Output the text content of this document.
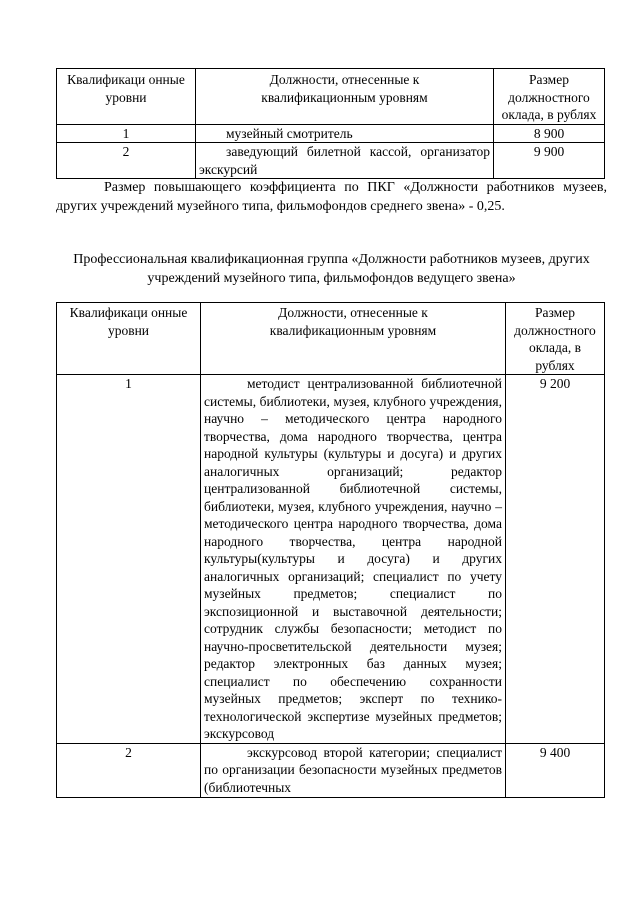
Квалификаци онные уровни	Должности, отнесенные к квалификационным уровням	Размер должностного оклада, в рублях
1	музейный смотритель	8 900
2	заведующий билетной кассой, организатор экскурсий	9 900

Размер повышающего коэффициента по ПКГ «Должности работников музеев, других учреждений музейного типа, фильмофондов среднего звена» - 0,25.

Профессиональная квалификационная группа «Должности работников музеев, других учреждений музейного типа, фильмофондов ведущего звена»

Квалификаци онные уровни	Должности, отнесенные к квалификационным уровням	Размер должностного оклада, в рублях
1	методист централизованной библиотечной системы, библиотеки, музея, клубного учреждения, научно – методического центра народного творчества, дома народного творчества, центра народной культуры (культуры и досуга) и других аналогичных организаций; редактор централизованной библиотечной системы, библиотеки, музея, клубного учреждения, научно – методического центра народного творчества, дома народного творчества, центра народной культуры(культуры и досуга) и других аналогичных организаций; специалист по учету музейных предметов; специалист по экспозиционной и выставочной деятельности; сотрудник службы безопасности; методист по научно-просветительской деятельности музея; редактор электронных баз данных музея; специалист по обеспечению сохранности музейных предметов; эксперт по технико-технологической экспертизе музейных предметов; экскурсовод	9 200
2	экскурсовод второй категории; специалист по организации безопасности музейных предметов (библиотечных	9 400
